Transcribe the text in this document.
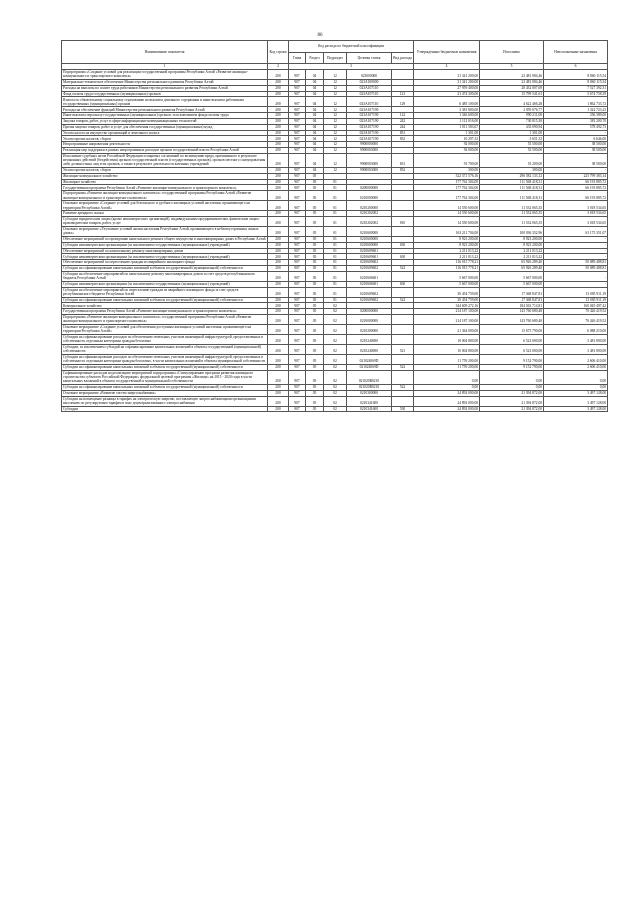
86
Наименование показателя	Код строки	Код расхода по бюджетной классификации					Утвержденные бюджетные назначения	Исполнено	Неисполненные назначения
		Глава	Раздел	Подраздел	Целевая статья	Вид расхода			
1	2	3					4	5	6
Подпрограмма «Создание условий для реализации государственной программы Республики Алтай «Развитие жилищно-коммунального и транспортного комплекса»	200	907	04	12	023000000		31 341 200,00	22 481 084,46	8 860 115,54
Материально-техническое обеспечение Министерства регионального развития Республики Алтай	200	907	04	12	023А100000		31 341 200,00	22 481 084,46	8 860 115,54
Расходы на выплаты по оплате труда работников Министерства регионального развития Республики Алтай	200	907	04	12	023А107110		27 959 400,00	20 432 007,69	7 527 392,31
Фонд оплаты труда государственных (муниципальных) органов	200	907	04	12	023А107110	121	21 474 300,00	15 799 541,61	5 674 758,39
Взносы по обязательному социальному страхованию на выплаты денежного содержания и иные выплаты работникам государственных (муниципальных) органов	200	907	04	12	023А107110	129	6 485 100,00	4 622 466,28	1 862 733,72
Расходы на обеспечение функций Министерства регионального развития Республики Алтай	200	907	04	12	023А107190		3 381 800,00	2 059 076,77	1 322 723,23
Иные выплаты персоналу государственных (муниципальных) органов, за исключением фонда оплаты труда	200	907	04	12	023А107190	122	1 346 600,00	990 211,00	356 389,00
Закупка товаров, работ, услуг в сфере информационно-коммуникационных технологий	200	907	04	12	023А107190	242	1 112 016,00	730 815,30	381 200,70
Прочая закупка товаров, работ и услуг для обеспечения государственных (муниципальных) нужд	200	907	04	12	023А107190	244	1 011 583,67	433 090,94	578 492,73
Уплата налога на имущество организаций и земельного налога	200	907	04	12	023А107190	851	1 301,00	1 301,00	-
Уплата прочих налогов, сборов	200	907	04	12	023А107190	852	10 297,33	3 651,33	6 646,00
Непрограммные направления деятельности	200	907	04	12	9900000000		92 000,00	53 500,00	38 500,00
Реализация мер поддержки в рамках непрограммных расходов органов государственной власти Республики Алтай	200	907	04	12	9900003000		92 000,00	53 500,00	38 500,00
Исполнение судебных актов Российской Федерации и мировых соглашений по возмещению вреда, причиненного в результате незаконных действий (бездействия) органов государственной власти (государственных органов), органов местного самоуправления либо должностных лиц этих органов, а также в результате деятельности казенных учреждений	200	907	04	12	9900003000	831	91 700,00	53 200,00	38 500,00
Уплата прочих налогов, сборов	200	907	04	12	9900003000	852	300,00	300,00	-
Жилищно-коммунальное хозяйство	200	907	05				522 371 576,16	296 582 133,12	225 799 383,14
Жилищное хозяйство	200	907	05	01			177 762 304,00	111 568 418,31	66 193 885,72
Государственная программа Республики Алтай «Развитие жилищно-коммунального и транспортного комплекса»	200	907	05	01	0200000000		177 762 304,00	111 568 418,31	66 193 885,72
Подпрограмма «Развитие жилищно-коммунального комплекса» государственной программы Республики Алтай «Развитие жилищно-коммунального и транспортного комплекса»	200	907	05	01	0210000000		177 762 304,00	111 568 418,31	66 193 885,72
Основное мероприятие «Создание условий для безопасного и удобного жилищных условий населения, проживающего на территории Республики Алтай»	200	907	05	01	0210200000		14 550 600,00	11 532 065,35	3 018 534,65
Развитие арендного жилья	200	907	05	01	0210202002		14 550 600,00	11 532 065,35	3 018 534,65
Субсидии юридическим лицам (кроме некоммерческих организаций), индивидуальным предпринимателям, физическим лицам - производителям товаров, работ, услуг	200	907	05	01	0210202002	810	14 550 600,00	11 532 065,35	3 018 534,65
Основное мероприятие «Улучшение условий жизни населения Республики Алтай, проживающего в неблагоустроенных жилых домах»	200	907	05	01	0210600000		163 211 704,00	100 036 352,96	63 175 351,07
Обеспечение мероприятий по проведению капитального ремонта общего имущества в многоквартирных домах в Республике Алтай	200	907	05	01	0210600000		8 923 200,00	8 923 200,00	-
Субсидии некоммерческим организациям (за исключением государственных (муниципальных) учреждений)	200	907	05	01	0210600000	630	8 923 200,00	8 923 200,00	-
Обеспечение мероприятий по капитальному ремонту многоквартирных домов	200	907	05	01	0210609601		2 211 013,22	2 211 013,22	-
Субсидии некоммерческим организациям (за исключением государственных (муниципальных) учреждений)	200	907	05	01	0210609601	630	2 211 013,22	2 211 013,22	-
Обеспечение мероприятий по переселению граждан из аварийного жилищного фонда	200	907	05	01	0210609602		116 015 778,21	65 926 289,40	50 089 488,81
Субсидии на софинансирование капитальных вложений в объекты государственной (муниципальной) собственности	200	907	05	01	0210609602	522	116 015 778,21	65 926 289,40	50 089 488,81
Субсидии на обеспечение мероприятий по капитальному ремонту многоквартирных домов за счет средств республиканского бюджета Республики Алтай	200	907	05	01	0210606601		5 667 000,00	5 667 000,00	-
Субсидии некоммерческим организациям (за исключением государственных (муниципальных) учреждений)	200	907	05	01	0210606601	630	5 667 000,00	5 667 000,00	-
Субсидии на обеспечение мероприятий по переселению граждан из аварийного жилищного фонда за счет средств республиканского бюджета Республики Алтай	200	907	05	01	0210609602		30 454 759,00	17 368 847,81	13 085 911,19
Субсидии на софинансирование капитальных вложений в объекты государственной (муниципальной) собственности	200	907	05	01	0210609602	522	30 454 759,00	17 368 847,81	13 085 911,19
Коммунальное хозяйство	200	907	05	02			344 609 272,16	184 563 714,81	160 045 497,42
Государственная программа Республики Алтай «Развитие жилищно-коммунального и транспортного комплекса»	200	907	05	02	0200000000		214 187 100,00	143 760 680,48	70 426 419,52
Подпрограмма «Развитие жилищно-коммунального комплекса» государственной программы Республики Алтай «Развитие жилищно-коммунального и транспортного комплекса»	200	907	05	02	0210000000		214 187 100,00	143 760 680,48	70 426 419,52
Основное мероприятие «Создание условий для обеспечения доступным жилищных условий населения, проживающего на территории Республики Алтай»	200	907	05	02	0210200000		21 364 000,00	15 675 790,00	6 088 210,00
Субсидии на софинансирование расходов по обеспечению земельных участков инженерной инфраструктурой, предоставленных в собственность отдельным категориям граждан бесплатно	200	907	05	02	0210240690		10 004 800,00	6 523 000,00	3 481 800,00
Субсидии, за исключением субсидий на софинансирование капитальных вложений в объекты государственной (муниципальной) собственности	200	907	05	02	0210240690	521	10 004 800,00	6 523 000,00	3 481 800,00
Субсидии на софинансирование расходов по обеспечению земельных участков инженерной инфраструктурой, предоставленных в собственность отдельным категориям граждан бесплатно, в части капитальных вложений в объекты муниципальной собственности	200	907	05	02	021024069D		11 759 200,00	9 152 790,00	2 606 410,00
Субсидии на софинансирование капитальных вложений в объекты государственной (муниципальной) собственности	200	907	05	02	021024069D	522	11 759 200,00	9 152 790,00	2 606 410,00
Софинансирование расходов на реализацию мероприятий подпрограммы «Стимулирование программ развития жилищного строительства субъектов Российской Федерации» федеральной целевой программы «Жилище» на 2015 - 2020 годы в части капитальных вложений в объекты государственной и муниципальной собственности	200	907	05	02	021020R0210		0,00	0,00	0,00
Субсидии на софинансирование капитальных вложений в объекты государственной (муниципальной) собственности	200	907	05	02	021020R0210	522	0,00	0,00	0,00
Основное мероприятие «Развитие систем энергоснабжения»	200	907	05	02	0210300000		24 892 000,00	21 394 872,00	3 497 128,00
Субсидии на возмещение разницы в тарифах на электрическую энергию, поставляемую энергоснабжающими организациями населению по регулируемым тарифам в зоне децентрализованного электроснабжения	200	907	05	02	0210341600		24 892 000,00	21 394 872,00	3 497 128,00
Субсидии	200	907	05	02	0210341600	530	24 892 000,00	21 394 872,00	3 497 128,00
